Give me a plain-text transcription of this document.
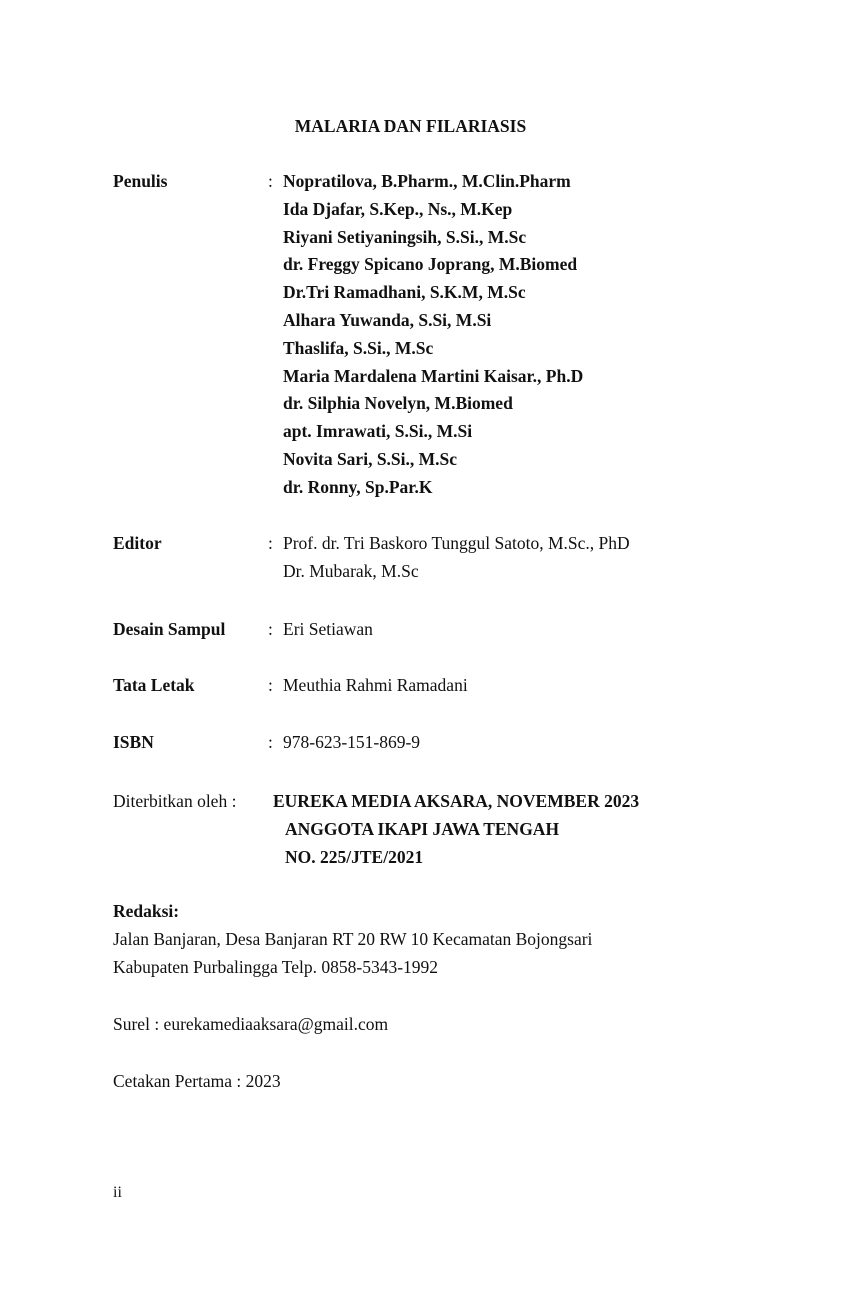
MALARIA DAN FILARIASIS
Penulis	: Nopratilova, B.Pharm., M.Clin.Pharm
Ida Djafar, S.Kep., Ns., M.Kep
Riyani Setiyaningsih, S.Si., M.Sc
dr. Freggy Spicano Joprang, M.Biomed
Dr.Tri Ramadhani, S.K.M, M.Sc
Alhara Yuwanda, S.Si, M.Si
Thaslifa, S.Si., M.Sc
Maria Mardalena Martini Kaisar., Ph.D
dr. Silphia Novelyn, M.Biomed
apt. Imrawati, S.Si., M.Si
Novita Sari, S.Si., M.Sc
dr. Ronny, Sp.Par.K
Editor	: Prof. dr. Tri Baskoro Tunggul Satoto, M.Sc., PhD
Dr. Mubarak, M.Sc
Desain Sampul : Eri Setiawan
Tata Letak	: Meuthia Rahmi Ramadani
ISBN	: 978-623-151-869-9
Diterbitkan oleh : EUREKA MEDIA AKSARA, NOVEMBER 2023
ANGGOTA IKAPI JAWA TENGAH
NO. 225/JTE/2021
Redaksi:
Jalan Banjaran, Desa Banjaran RT 20 RW 10 Kecamatan Bojongsari
Kabupaten Purbalingga Telp. 0858-5343-1992
Surel : eurekamediaaksara@gmail.com
Cetakan Pertama : 2023
ii
